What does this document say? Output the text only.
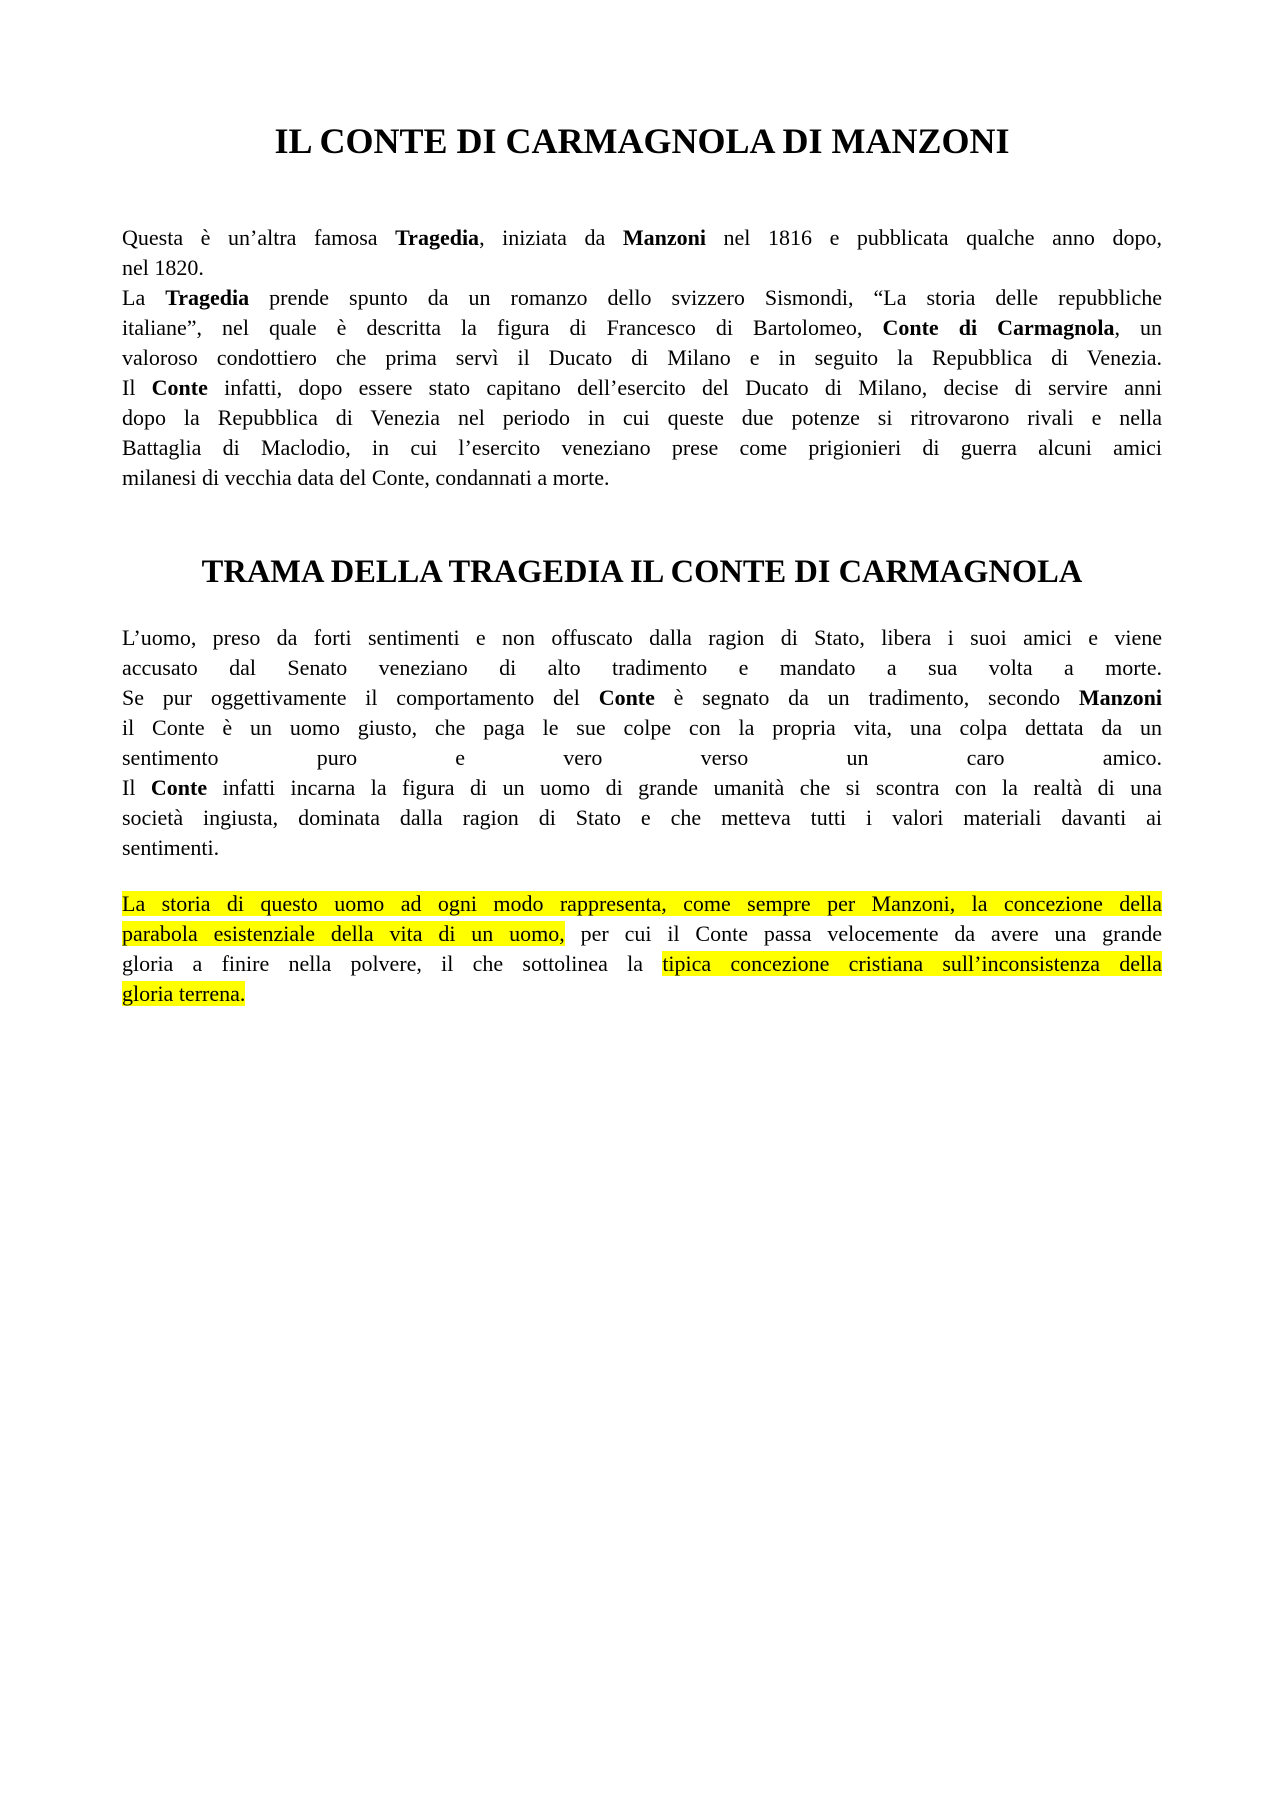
IL CONTE DI CARMAGNOLA DI MANZONI

Questa è un’altra famosa Tragedia, iniziata da Manzoni nel 1816 e pubblicata qualche anno dopo,

nel 1820.

La Tragedia prende spunto da un romanzo dello svizzero Sismondi, “La storia delle repubbliche

italiane”, nel quale è descritta la figura di Francesco di Bartolomeo, Conte di Carmagnola, un

valoroso condottiero che prima servì il Ducato di Milano e in seguito la Repubblica di Venezia.

Il Conte infatti, dopo essere stato capitano dell’esercito del Ducato di Milano, decise di servire anni

dopo la Repubblica di Venezia nel periodo in cui queste due potenze si ritrovarono rivali e nella

Battaglia di Maclodio, in cui l’esercito veneziano prese come prigionieri di guerra alcuni amici

milanesi di vecchia data del Conte, condannati a morte.

TRAMA DELLA TRAGEDIA IL CONTE DI CARMAGNOLA

L’uomo, preso da forti sentimenti e non offuscato dalla ragion di Stato, libera i suoi amici e viene

accusato dal Senato veneziano di alto tradimento e mandato a sua volta a morte.

Se pur oggettivamente il comportamento del Conte è segnato da un tradimento, secondo Manzoni

il Conte è un uomo giusto, che paga le sue colpe con la propria vita, una colpa dettata da un

sentimento puro e vero verso un caro amico.

Il Conte infatti incarna la figura di un uomo di grande umanità che si scontra con la realtà di una

società ingiusta, dominata dalla ragion di Stato e che metteva tutti i valori materiali davanti ai

sentimenti.

La storia di questo uomo ad ogni modo rappresenta, come sempre per Manzoni, la concezione della

parabola esistenziale della vita di un uomo, per cui il Conte passa velocemente da avere una grande

gloria a finire nella polvere, il che sottolinea la tipica concezione cristiana sull’inconsistenza della

gloria terrena.
